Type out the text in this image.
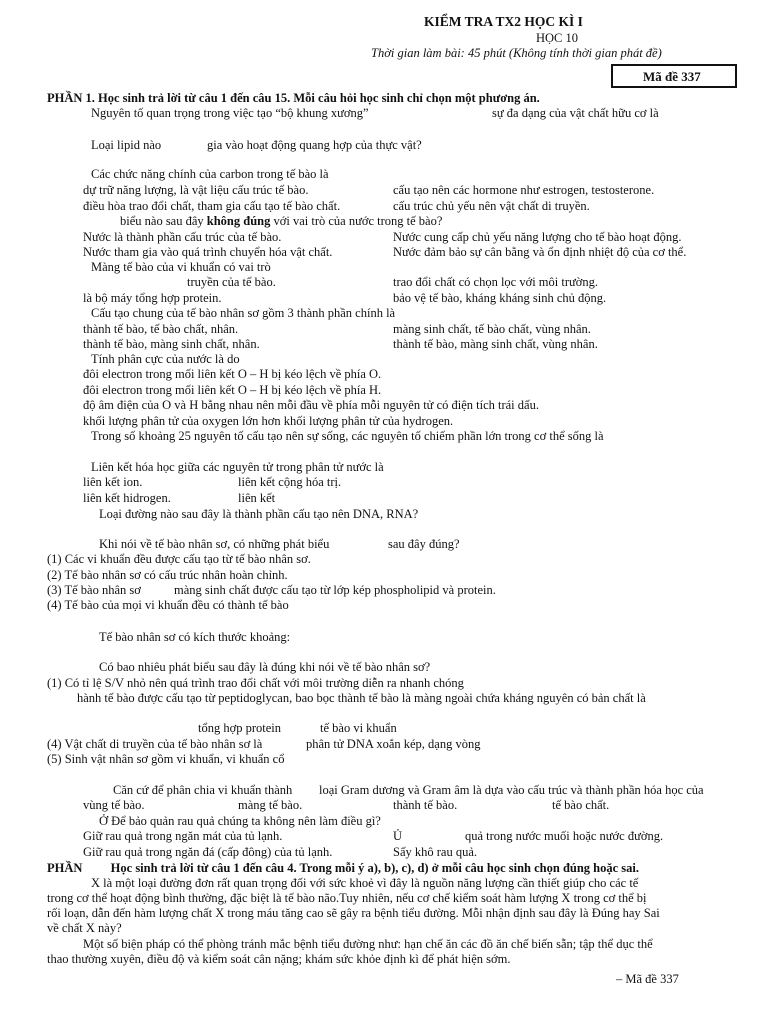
KIỂM TRA TX2 HỌC KÌ I
HỌC 10
Thời gian làm bài: 45 phút (Không tính thời gian phát đề)
Mã đề 337
PHẦN 1. Học sinh trả lời từ câu 1 đến câu 15. Mỗi câu hỏi học sinh chỉ chọn một phương án.
Nguyên tố quan trọng trong việc tạo “bộ khung xương”	sự đa dạng của vật chất hữu cơ là
Loại lipid nào	gia vào hoạt động quang hợp của thực vật?
Các chức năng chính của carbon trong tế bào là
dự trữ năng lượng, là vật liệu cấu trúc tế bào.	cấu tạo nên các hormone như estrogen, testosterone.
điều hòa trao đổi chất, tham gia cấu tạo tế bào chất.	cấu trúc chủ yếu nên vật chất di truyền.
biểu nào sau đây không đúng với vai trò của nước trong tế bào?
Nước là thành phần cấu trúc của tế bào.	Nước cung cấp chủ yếu năng lượng cho tế bào hoạt động.
Nước tham gia vào quá trình chuyển hóa vật chất.	Nước đảm bảo sự cân bằng và ổn định nhiệt độ của cơ thể.
Màng tế bào của vi khuẩn có vai trò
truyền của tế bào.	trao đổi chất có chọn lọc với môi trường.
là bộ máy tổng hợp protein.	bảo vệ tế bào, kháng kháng sinh chủ động.
Cấu tạo chung của tế bào nhân sơ gồm 3 thành phần chính là
thành tế bào, tế bào chất, nhân.	màng sinh chất, tế bào chất, vùng nhân.
thành tế bào, màng sinh chất, nhân.	thành tế bào, màng sinh chất, vùng nhân.
Tính phân cực của nước là do
đôi electron trong mối liên kết O – H bị kéo lệch về phía O.
đôi electron trong mối liên kết O – H bị kéo lệch về phía H.
độ âm điện của O và H bằng nhau nên mỗi đầu về phía mỗi nguyên tử có điện tích trái dấu.
khối lượng phân tử của oxygen lớn hơn khối lượng phân tử của hydrogen.
Trong số khoảng 25 nguyên tố cấu tạo nên sự sống, các nguyên tố chiếm phần lớn trong cơ thể sống là
Liên kết hóa học giữa các nguyên tử trong phân tử nước là
liên kết ion.	liên kết cộng hóa trị.
liên kết hidrogen.	liên kết
Loại đường nào sau đây là thành phần cấu tạo nên DNA, RNA?
Khi nói về tế bào nhân sơ, có những phát biểu	sau đây đúng?
(1) Các vi khuẩn đều được cấu tạo từ tế bào nhân sơ.
(2) Tế bào nhân sơ có cấu trúc nhân hoàn chỉnh.
(3) Tế bào nhân sơ	màng sinh chất được cấu tạo từ lớp kép phospholipid và protein.
(4) Tế bào của mọi vi khuẩn đều có thành tế bào
Tế bào nhân sơ có kích thước khoảng:
Có bao nhiêu phát biểu sau đây là đúng khi nói về tế bào nhân sơ?
(1) Có tỉ lệ S/V nhỏ nên quá trình trao đổi chất với môi trường diễn ra nhanh chóng
hành tế bào được cấu tạo từ peptidoglycan, bao bọc thành tế bào là màng ngoài chứa kháng nguyên có bản chất là
tổng hợp protein	tế bào vi khuẩn
(4) Vật chất di truyền của tế bào nhân sơ là	phân tử DNA xoắn kép, dạng vòng
(5) Sinh vật nhân sơ gồm vi khuẩn, vi khuẩn cổ
Căn cứ để phân chia vi khuẩn thành loại Gram dương và Gram âm là dựa vào cấu trúc và thành phần hóa học của
vùng tế bào.	màng tế bào.	thành tế bào.	tế bào chất.
Ở Để bảo quản rau quả chúng ta không nên làm điều gì?
Giữ rau quả trong ngăn mát của tủ lạnh.	Ủ	quả trong nước muối hoặc nước đường.
Giữ rau quả trong ngăn đá (cấp đông) của tủ lạnh.	Sấy khô rau quả.
PHẦN Học sinh trả lời từ câu 1 đến câu 4. Trong mỗi ý a), b), c), d) ở mỗi câu học sinh chọn đúng hoặc sai.
X là một loại đường đơn rất quan trọng đối với sức khoẻ vì đây là nguồn năng lượng cần thiết giúp cho các tế
trong cơ thể hoạt động bình thường, đặc biệt là tế bào não.Tuy nhiên, nếu cơ chế kiểm soát hàm lượng X trong cơ thể bị
rối loạn, dẫn đến hàm lượng chất X trong máu tăng cao sẽ gây ra bệnh tiểu đường. Mỗi nhận định sau đây là Đúng hay Sai
về chất X này?
Một số biện pháp có thể phòng tránh mắc bệnh tiểu đường như: hạn chế ăn các đồ ăn chế biến sẵn; tập thể dục thể
thao thường xuyên, điều độ và kiểm soát cân nặng; khám sức khỏe định kì để phát hiện sớm.
– Mã đề 337
